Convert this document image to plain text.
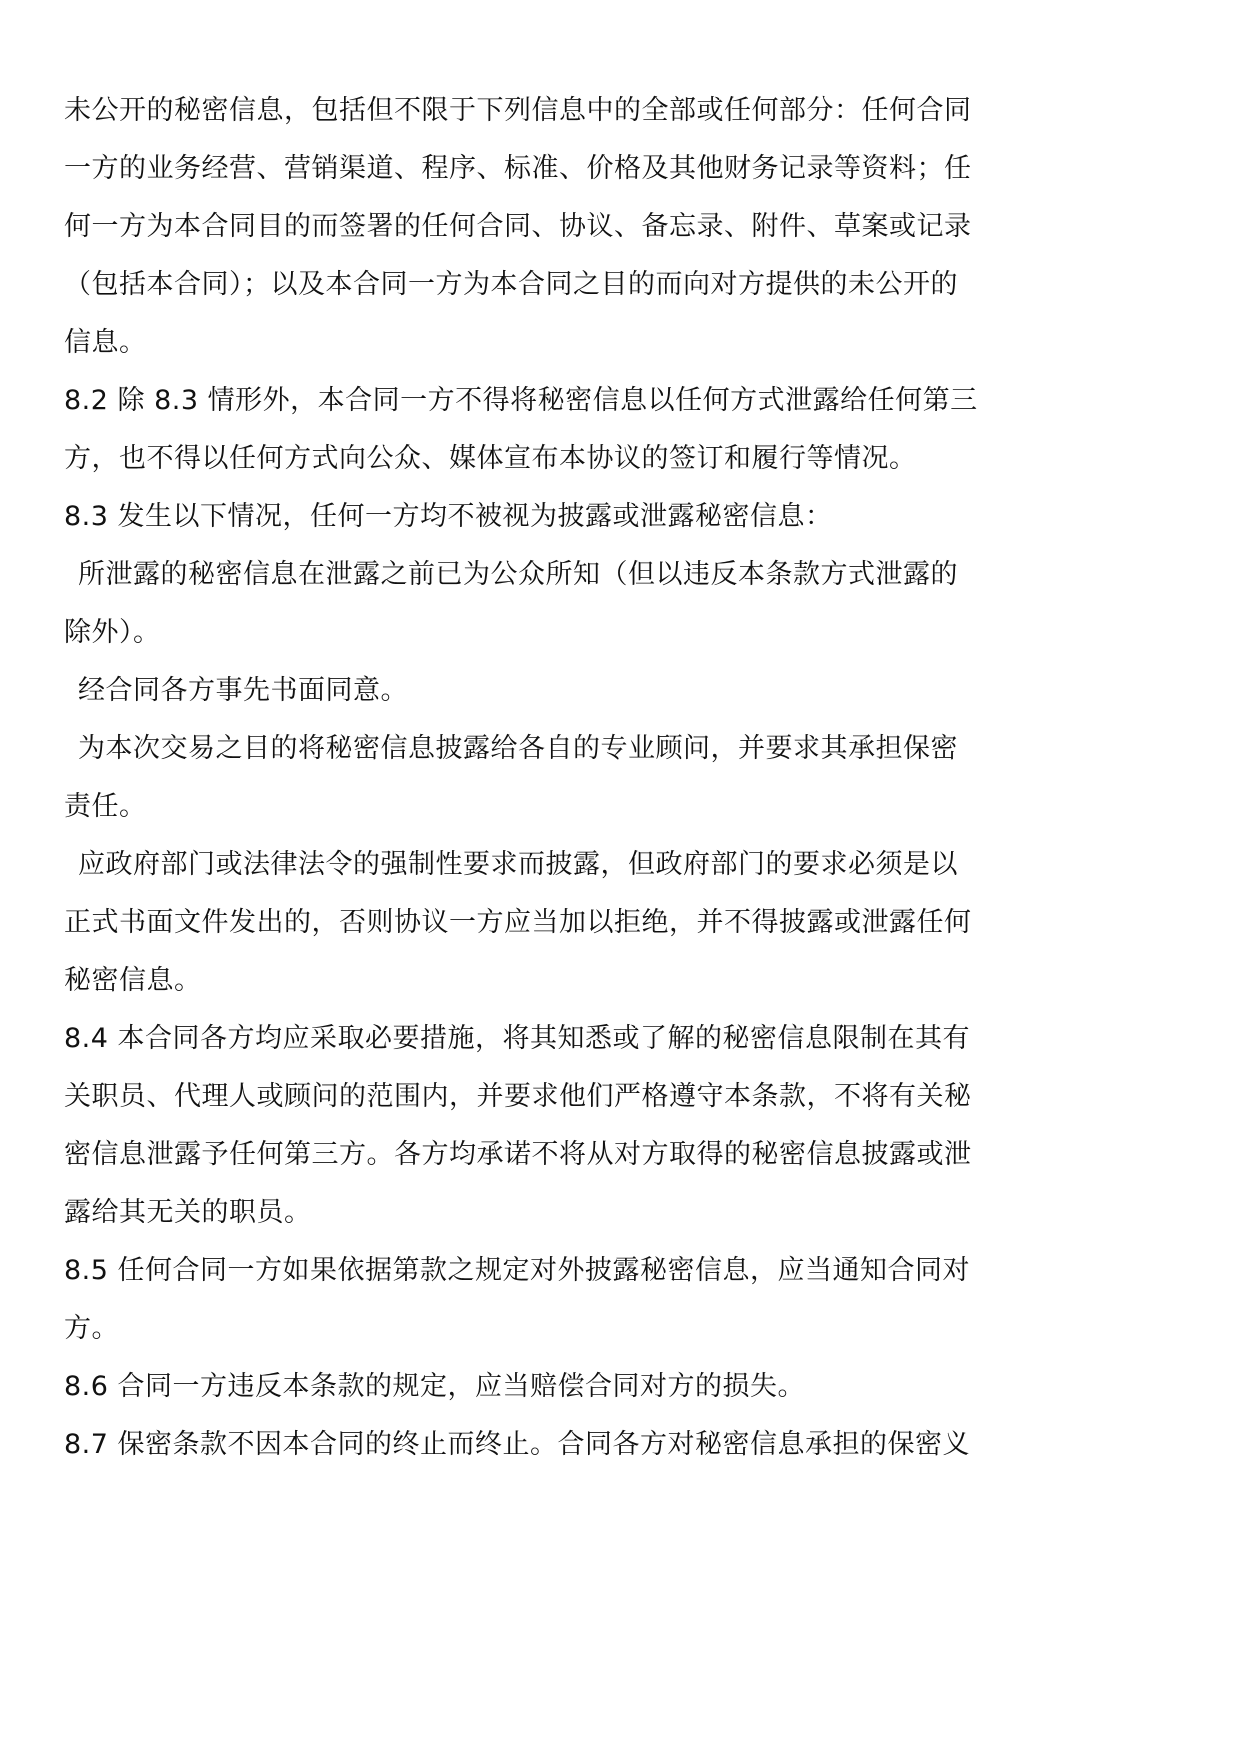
未公开的秘密信息，包括但不限于下列信息中的全部或任何部分：任何合同
一方的业务经营、营销渠道、程序、标准、价格及其他财务记录等资料；任
何一方为本合同目的而签署的任何合同、协议、备忘录、附件、草案或记录
（包括本合同）；以及本合同一方为本合同之目的而向对方提供的未公开的
信息。
8.2 除 8.3 情形外，本合同一方不得将秘密信息以任何方式泄露给任何第三
方，也不得以任何方式向公众、媒体宣布本协议的签订和履行等情况。
8.3 发生以下情况，任何一方均不被视为披露或泄露秘密信息：
所泄露的秘密信息在泄露之前已为公众所知（但以违反本条款方式泄露的
除外）。
经合同各方事先书面同意。
为本次交易之目的将秘密信息披露给各自的专业顾问，并要求其承担保密
责任。
应政府部门或法律法令的强制性要求而披露，但政府部门的要求必须是以
正式书面文件发出的，否则协议一方应当加以拒绝，并不得披露或泄露任何
秘密信息。
8.4 本合同各方均应采取必要措施，将其知悉或了解的秘密信息限制在其有
关职员、代理人或顾问的范围内，并要求他们严格遵守本条款，不将有关秘
密信息泄露予任何第三方。各方均承诺不将从对方取得的秘密信息披露或泄
露给其无关的职员。
8.5 任何合同一方如果依据第款之规定对外披露秘密信息，应当通知合同对
方。
8.6 合同一方违反本条款的规定，应当赔偿合同对方的损失。
8.7 保密条款不因本合同的终止而终止。合同各方对秘密信息承担的保密义
